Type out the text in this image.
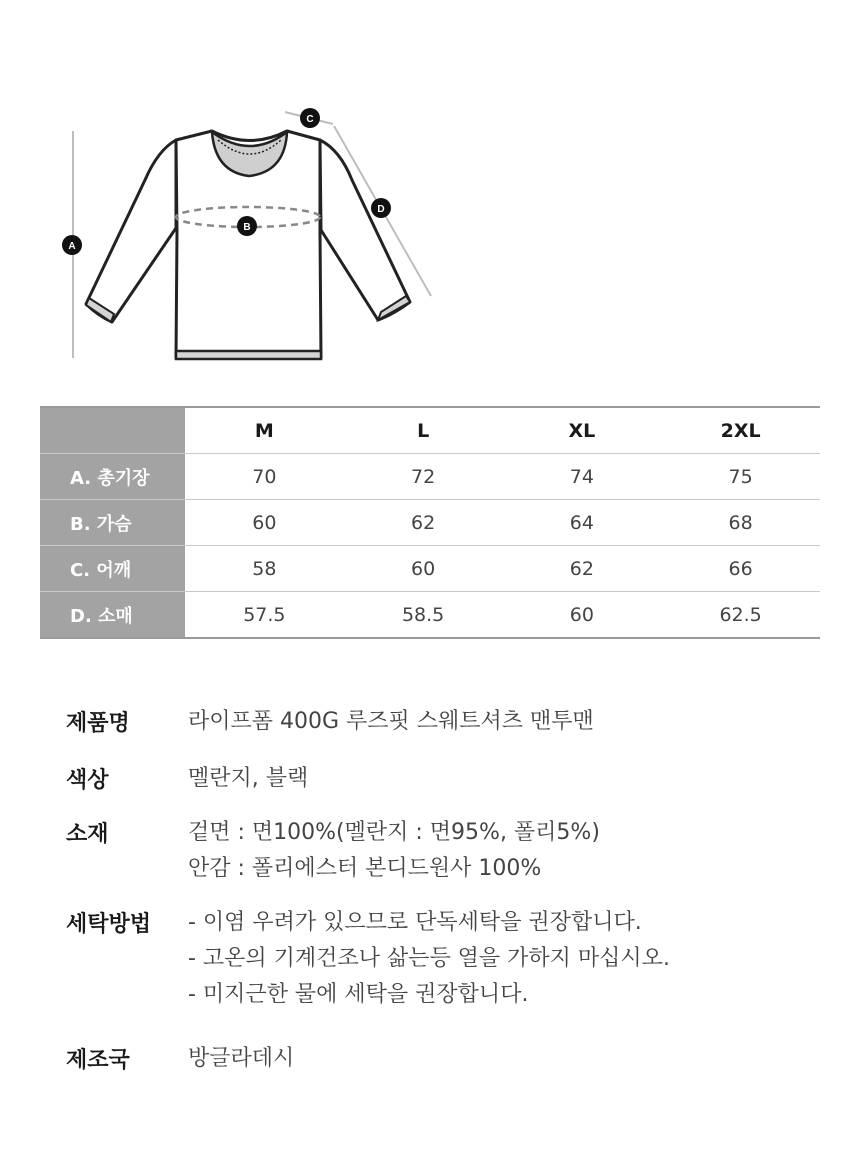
A
B
C
D
	M	L	XL	2XL
A. 총기장	70	72	74	75
B. 가슴	60	62	64	68
C. 어깨	58	60	62	66
D. 소매	57.5	58.5	60	62.5
제품명	라이프폼 400G 루즈핏 스웨트셔츠 맨투맨
색상	멜란지, 블랙
소재	겉면 : 면100%(멜란지 : 면95%, 폴리5%)
안감 : 폴리에스터 본디드원사 100%
세탁방법 - 이염 우려가 있으므로 단독세탁을 권장합니다.
- 고온의 기계건조나 삶는등 열을 가하지 마십시오.
- 미지근한 물에 세탁을 권장합니다.
제조국	방글라데시
